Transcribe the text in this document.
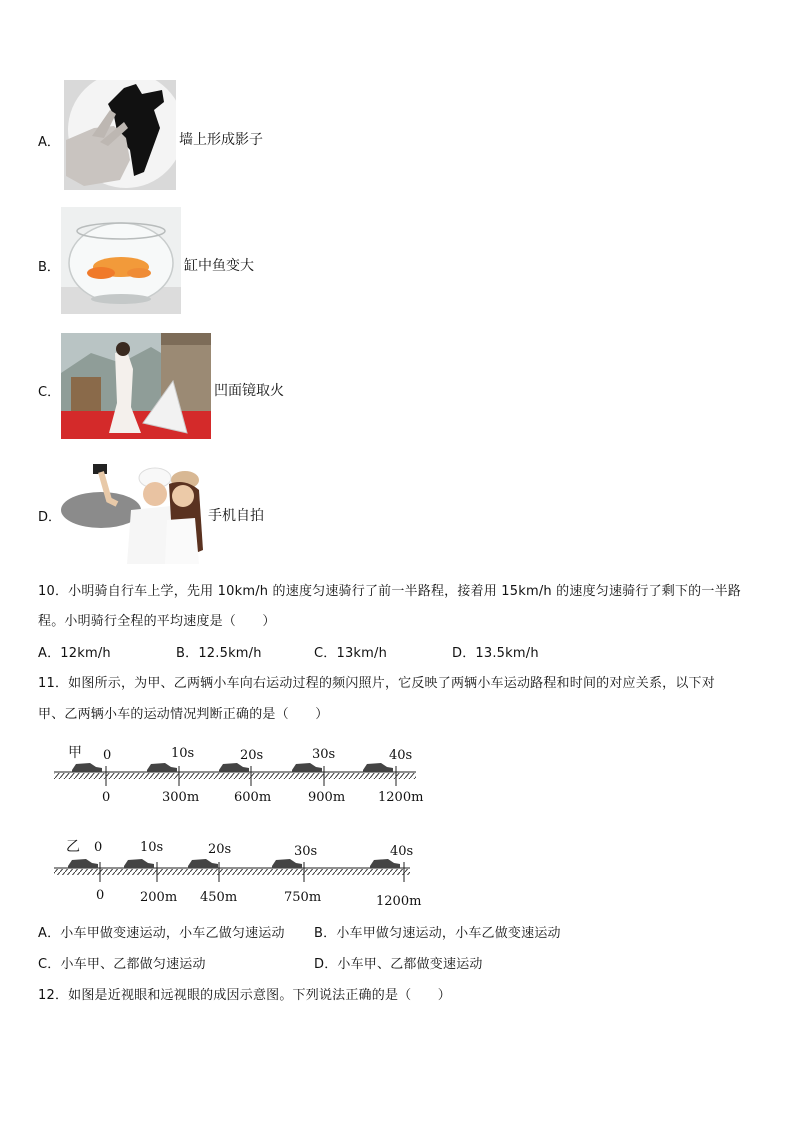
A．	墙上形成影子
B．	缸中鱼变大
C．	凹面镜取火
D．	手机自拍
10．小明骑自行车上学，先用 10km/h 的速度匀速骑行了前一半路程，接着用 15km/h 的速度匀速骑行了剩下的一半路
程。小明骑行全程的平均速度是（　　）
A．12km/h	B．12.5km/h	C．13km/h	D．13.5km/h
11．如图所示，为甲、乙两辆小车向右运动过程的频闪照片，它反映了两辆小车运动路程和时间的对应关系，以下对
甲、乙两辆小车的运动情况判断正确的是（　　）
甲 0	10s	20s	30s	40s
0	300m	600m	900m	1200m
乙 0	10s	20s	30s	40s
0	200m 450m	750m	1200m
A．小车甲做变速运动，小车乙做匀速运动 B．小车甲做匀速运动，小车乙做变速运动
C．小车甲、乙都做匀速运动	D．小车甲、乙都做变速运动
12．如图是近视眼和远视眼的成因示意图。下列说法正确的是（　　）
